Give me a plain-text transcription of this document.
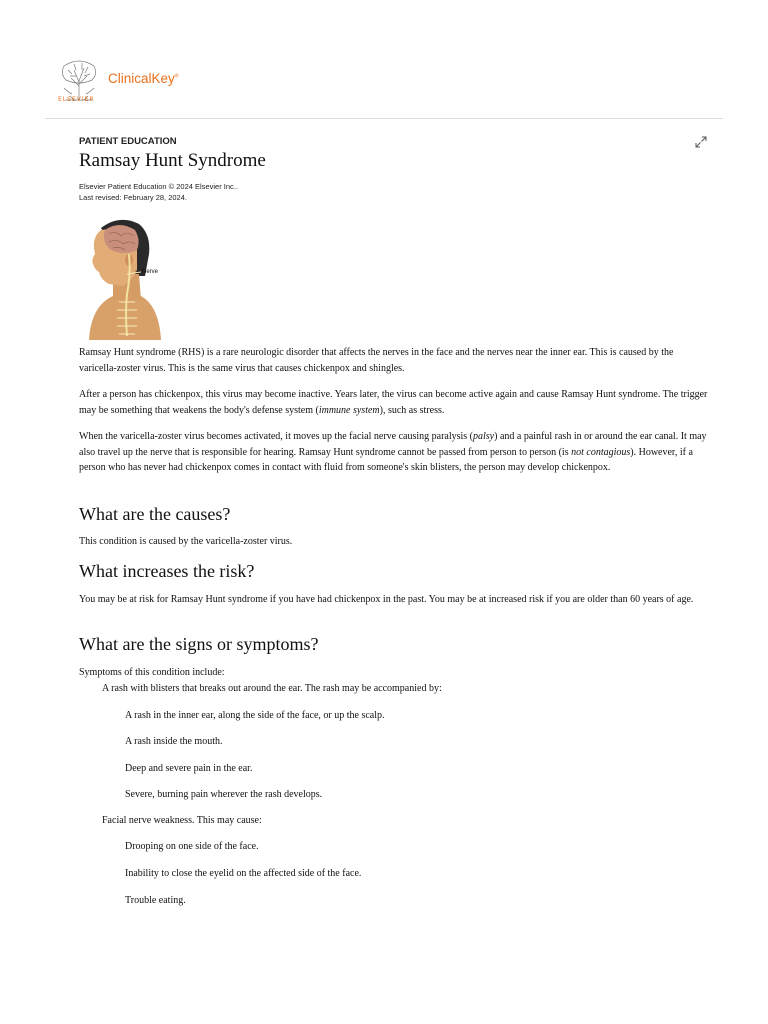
ELSEVIER
ClinicalKey®
PATIENT EDUCATION
Ramsay Hunt Syndrome
Elsevier Patient Education © 2024 Elsevier Inc..
Last revised: February 28, 2024.
Nerve

Ramsay Hunt syndrome (RHS) is a rare neurologic disorder that affects the nerves in the face and the nerves near the inner ear. This is caused by the varicella-zoster virus. This is the same virus that causes chickenpox and shingles.

After a person has chickenpox, this virus may become inactive. Years later, the virus can become active again and cause Ramsay Hunt syndrome. The trigger may be something that weakens the body's defense system (immune system), such as stress.

When the varicella-zoster virus becomes activated, it moves up the facial nerve causing paralysis (palsy) and a painful rash in or around the ear canal. It may also travel up the nerve that is responsible for hearing. Ramsay Hunt syndrome cannot be passed from person to person (is not contagious). However, if a person who has never had chickenpox comes in contact with fluid from someone's skin blisters, the person may develop chickenpox.

What are the causes?
This condition is caused by the varicella-zoster virus.
What increases the risk?
You may be at risk for Ramsay Hunt syndrome if you have had chickenpox in the past. You may be at increased risk if you are older than 60 years of age.
What are the signs or symptoms?
Symptoms of this condition include:
A rash with blisters that breaks out around the ear. The rash may be accompanied by:
A rash in the inner ear, along the side of the face, or up the scalp.
A rash inside the mouth.
Deep and severe pain in the ear.
Severe, burning pain wherever the rash develops.
Facial nerve weakness. This may cause:
Drooping on one side of the face.
Inability to close the eyelid on the affected side of the face.
Trouble eating.
